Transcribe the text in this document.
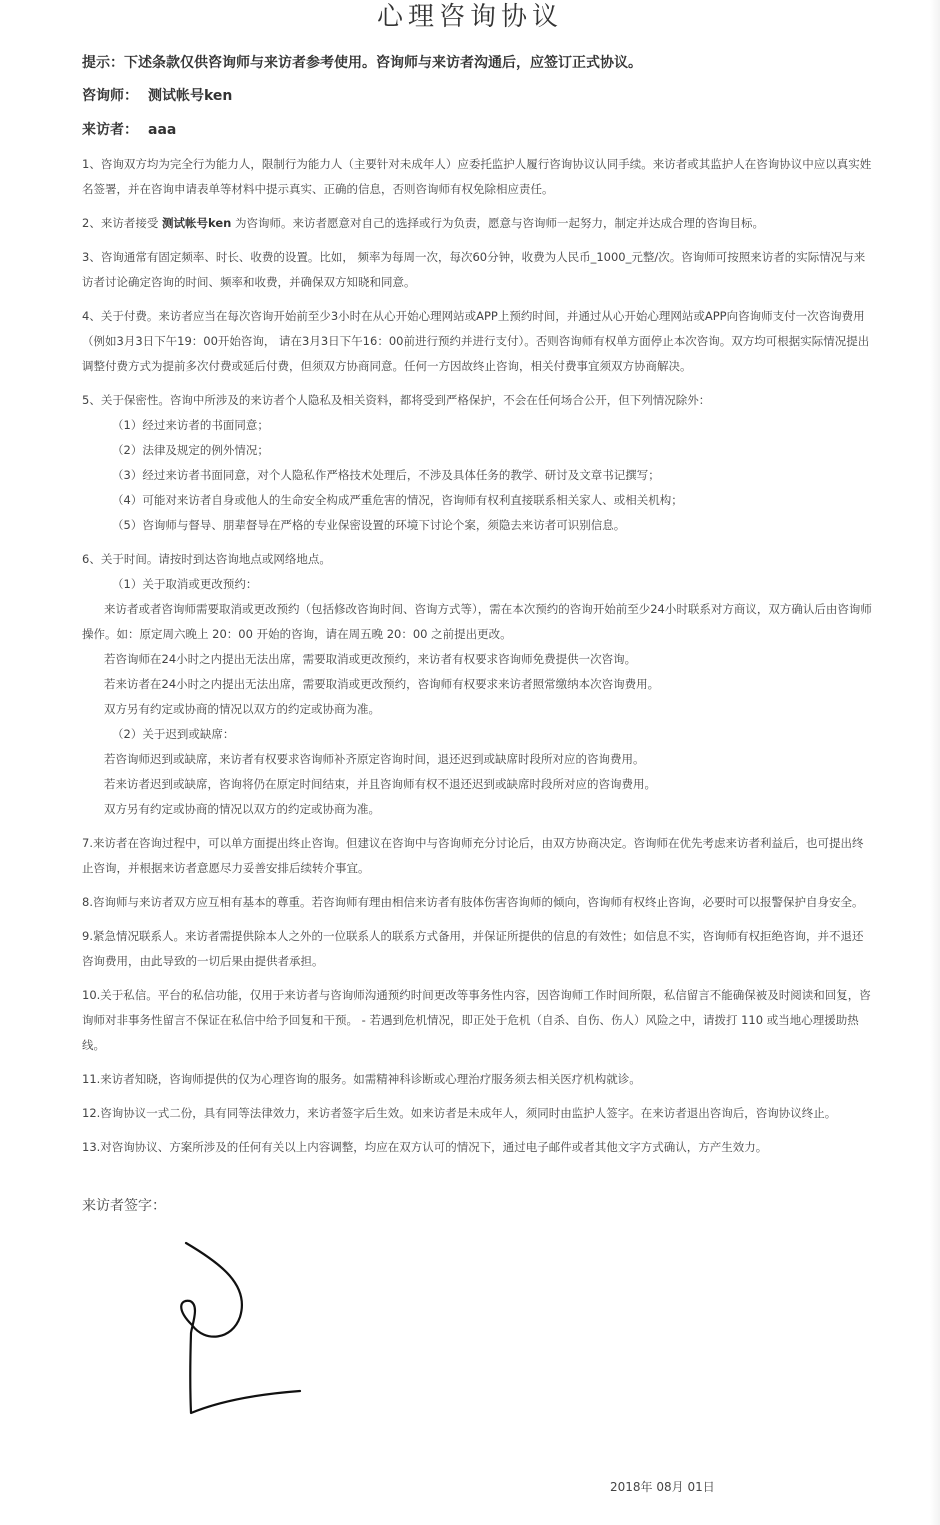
心理咨询协议
提示：下述条款仅供咨询师与来访者参考使用。咨询师与来访者沟通后，应签订正式协议。
咨询师： 测试帐号ken
来访者： aaa

1、咨询双方均为完全行为能力人，限制行为能力人（主要针对未成年人）应委托监护人履行咨询协议认同手续。来访者或其监护人在咨询协议中应以真实姓名签署，并在咨询申请表单等材料中提示真实、正确的信息，否则咨询师有权免除相应责任。

2、来访者接受 测试帐号ken 为咨询师。来访者愿意对自己的选择或行为负责，愿意与咨询师一起努力，制定并达成合理的咨询目标。

3、咨询通常有固定频率、时长、收费的设置。比如， 频率为每周一次，每次60分钟，收费为人民币_1000_元整/次。咨询师可按照来访者的实际情况与来访者讨论确定咨询的时间、频率和收费，并确保双方知晓和同意。

4、关于付费。来访者应当在每次咨询开始前至少3小时在从心开始心理网站或APP上预约时间，并通过从心开始心理网站或APP向咨询师支付一次咨询费用（例如3月3日下午19：00开始咨询， 请在3月3日下午16：00前进行预约并进行支付）。否则咨询师有权单方面停止本次咨询。双方均可根据实际情况提出调整付费方式为提前多次付费或延后付费，但须双方协商同意。任何一方因故终止咨询，相关付费事宜须双方协商解决。

5、关于保密性。咨询中所涉及的来访者个人隐私及相关资料，都将受到严格保护，不会在任何场合公开，但下列情况除外：

（1）经过来访者的书面同意；

（2）法律及规定的例外情况；

（3）经过来访者书面同意，对个人隐私作严格技术处理后，不涉及具体任务的教学、研讨及文章书记撰写；

（4）可能对来访者自身或他人的生命安全构成严重危害的情况，咨询师有权利直接联系相关家人、或相关机构；

（5）咨询师与督导、朋辈督导在严格的专业保密设置的环境下讨论个案，须隐去来访者可识别信息。

6、关于时间。请按时到达咨询地点或网络地点。

（1）关于取消或更改预约：

来访者或者咨询师需要取消或更改预约（包括修改咨询时间、咨询方式等），需在本次预约的咨询开始前至少24小时联系对方商议，双方确认后由咨询师操作。如：原定周六晚上 20：00 开始的咨询，请在周五晚 20：00 之前提出更改。

若咨询师在24小时之内提出无法出席，需要取消或更改预约，来访者有权要求咨询师免费提供一次咨询。

若来访者在24小时之内提出无法出席，需要取消或更改预约，咨询师有权要求来访者照常缴纳本次咨询费用。

双方另有约定或协商的情况以双方的约定或协商为准。

（2）关于迟到或缺席：

若咨询师迟到或缺席，来访者有权要求咨询师补齐原定咨询时间，退还迟到或缺席时段所对应的咨询费用。

若来访者迟到或缺席，咨询将仍在原定时间结束，并且咨询师有权不退还迟到或缺席时段所对应的咨询费用。

双方另有约定或协商的情况以双方的约定或协商为准。

7.来访者在咨询过程中，可以单方面提出终止咨询。但建议在咨询中与咨询师充分讨论后，由双方协商决定。咨询师在优先考虑来访者利益后，也可提出终止咨询，并根据来访者意愿尽力妥善安排后续转介事宜。

8.咨询师与来访者双方应互相有基本的尊重。若咨询师有理由相信来访者有肢体伤害咨询师的倾向，咨询师有权终止咨询，必要时可以报警保护自身安全。

9.紧急情况联系人。来访者需提供除本人之外的一位联系人的联系方式备用，并保证所提供的信息的有效性；如信息不实，咨询师有权拒绝咨询，并不退还咨询费用，由此导致的一切后果由提供者承担。

10.关于私信。平台的私信功能，仅用于来访者与咨询师沟通预约时间更改等事务性内容，因咨询师工作时间所限，私信留言不能确保被及时阅读和回复，咨询师对非事务性留言不保证在私信中给予回复和干预。 - 若遇到危机情况，即正处于危机（自杀、自伤、伤人）风险之中，请拨打 110 或当地心理援助热线。

11.来访者知晓，咨询师提供的仅为心理咨询的服务。如需精神科诊断或心理治疗服务须去相关医疗机构就诊。

12.咨询协议一式二份，具有同等法律效力，来访者签字后生效。如来访者是未成年人，须同时由监护人签字。在来访者退出咨询后，咨询协议终止。

13.对咨询协议、方案所涉及的任何有关以上内容调整，均应在双方认可的情况下，通过电子邮件或者其他文字方式确认，方产生效力。

来访者签字：
2018年 08月 01日
